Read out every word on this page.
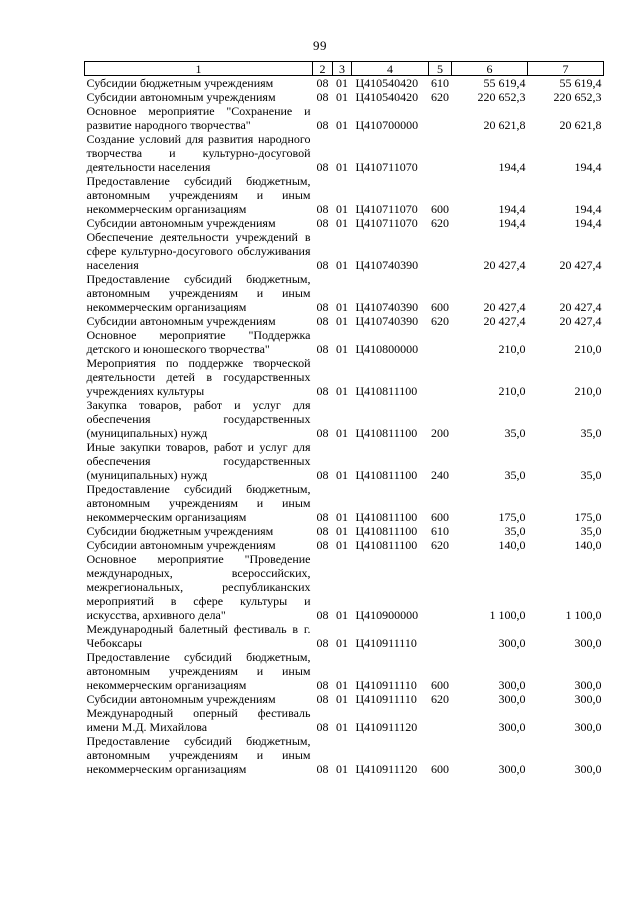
99
1	2	3	4	5	6	7
Субсидии бюджетным учреждениям	08	01	Ц410540420	610	55 619,4	55 619,4
Субсидии автономным учреждениям	08	01	Ц410540420	620	220 652,3	220 652,3
Основное мероприятие "Сохранение и развитие народного творчества"	08	01	Ц410700000		20 621,8	20 621,8
Создание условий для развития народного творчества и культурно-досуговой деятельности населения	08	01	Ц410711070		194,4	194,4
Предоставление субсидий бюджетным, автономным учреждениям и иным некоммерческим организациям	08	01	Ц410711070	600	194,4	194,4
Субсидии автономным учреждениям	08	01	Ц410711070	620	194,4	194,4
Обеспечение деятельности учреждений в сфере культурно-досугового обслуживания населения	08	01	Ц410740390		20 427,4	20 427,4
Предоставление субсидий бюджетным, автономным учреждениям и иным некоммерческим организациям	08	01	Ц410740390	600	20 427,4	20 427,4
Субсидии автономным учреждениям	08	01	Ц410740390	620	20 427,4	20 427,4
Основное мероприятие "Поддержка детского и юношеского творчества"	08	01	Ц410800000		210,0	210,0
Мероприятия по поддержке творческой деятельности детей в государственных учреждениях культуры	08	01	Ц410811100		210,0	210,0
Закупка товаров, работ и услуг для обеспечения государственных (муниципальных) нужд	08	01	Ц410811100	200	35,0	35,0
Иные закупки товаров, работ и услуг для обеспечения государственных (муниципальных) нужд	08	01	Ц410811100	240	35,0	35,0
Предоставление субсидий бюджетным, автономным учреждениям и иным некоммерческим организациям	08	01	Ц410811100	600	175,0	175,0
Субсидии бюджетным учреждениям	08	01	Ц410811100	610	35,0	35,0
Субсидии автономным учреждениям	08	01	Ц410811100	620	140,0	140,0
Основное мероприятие "Проведение международных, всероссийских, межрегиональных, республиканских мероприятий в сфере культуры и искусства, архивного дела"	08	01	Ц410900000		1 100,0	1 100,0
Международный балетный фестиваль в г. Чебоксары	08	01	Ц410911110		300,0	300,0
Предоставление субсидий бюджетным, автономным учреждениям и иным некоммерческим организациям	08	01	Ц410911110	600	300,0	300,0
Субсидии автономным учреждениям	08	01	Ц410911110	620	300,0	300,0
Международный оперный фестиваль имени М.Д. Михайлова	08	01	Ц410911120		300,0	300,0
Предоставление субсидий бюджетным, автономным учреждениям и иным некоммерческим организациям	08	01	Ц410911120	600	300,0	300,0
